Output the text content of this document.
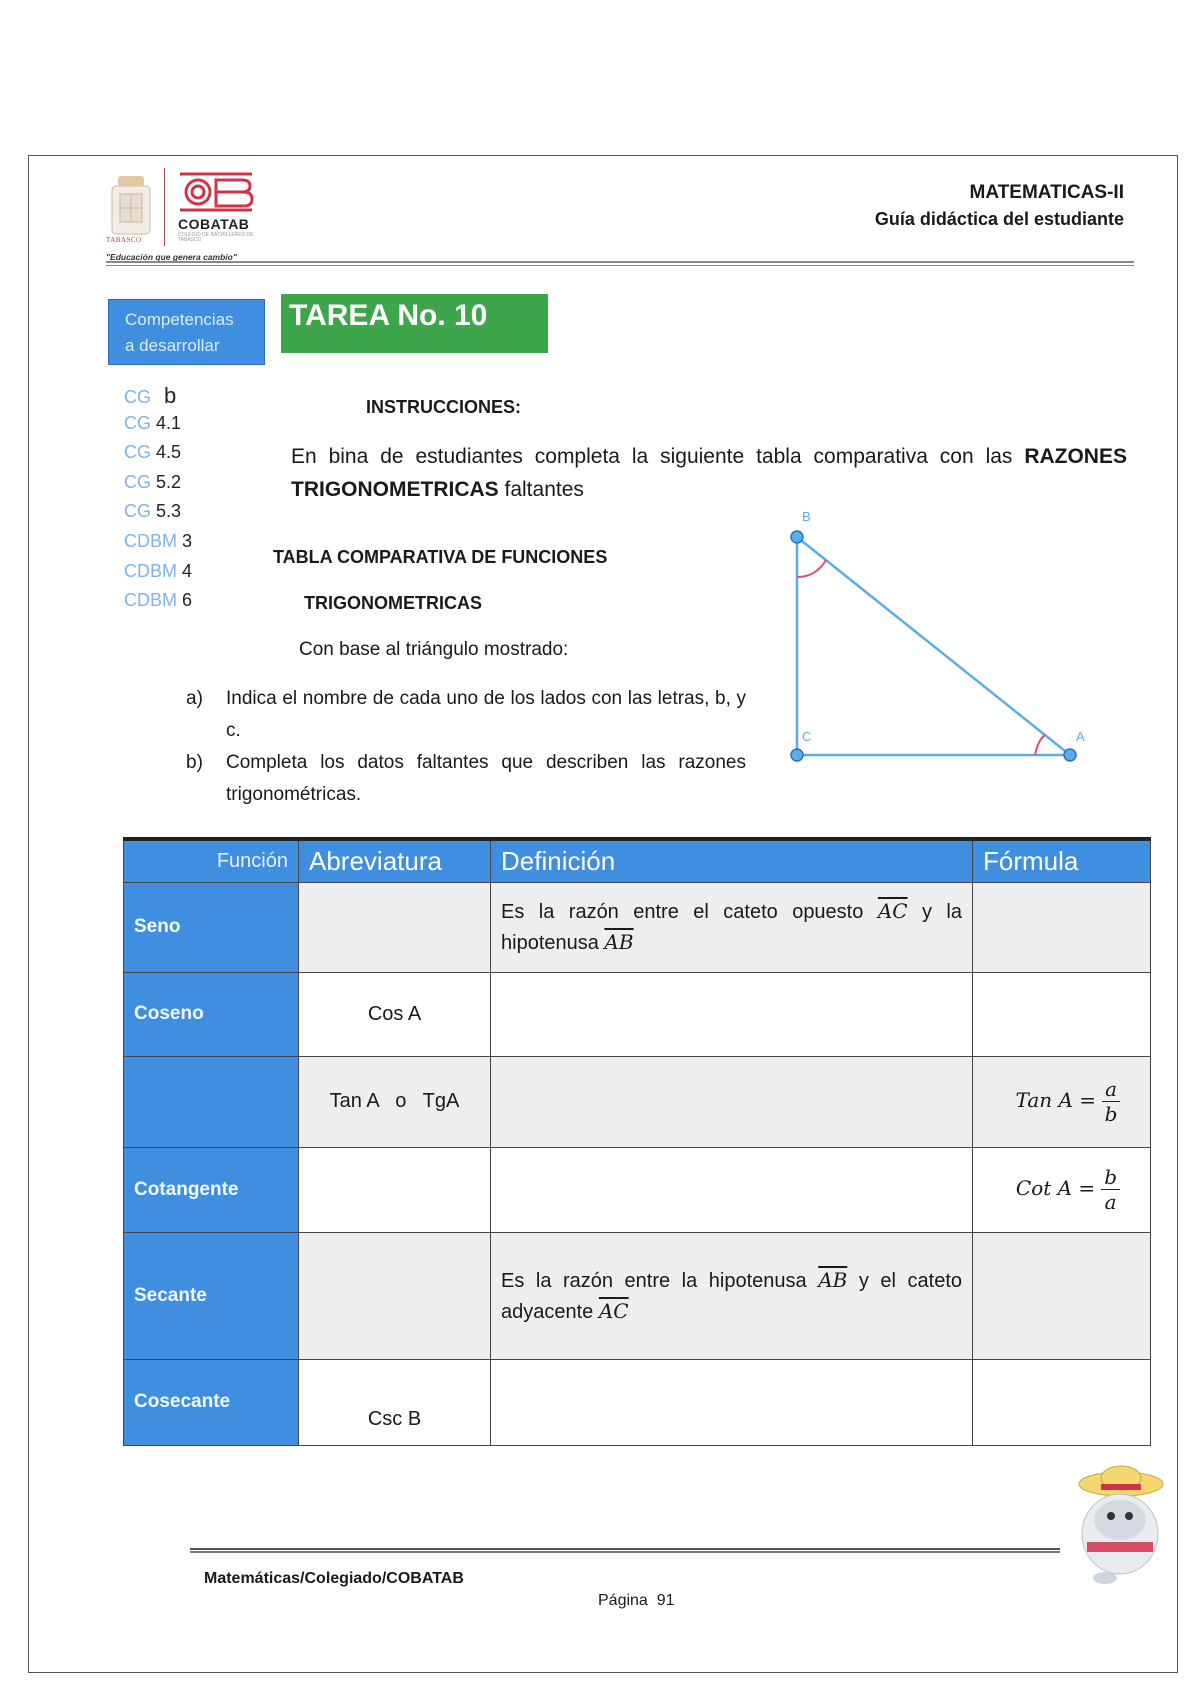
TABASCO
COBATAB
COLEGIO DE BACHILLERES DE TABASCO
"Educación que genera cambio"
MATEMATICAS-II
Guía didáctica del estudiante
Competencias
a desarrollar
TAREA No. 10
CG b
CG 4.1
CG 4.5
CG 5.2
CG 5.3
CDBM 3
CDBM 4
CDBM 6
INSTRUCCIONES:
En bina de estudiantes completa la siguiente tabla comparativa con las RAZONES TRIGONOMETRICAS faltantes
TABLA COMPARATIVA DE FUNCIONES
TRIGONOMETRICAS
Con base al triángulo mostrado:
a)	Indica el nombre de cada uno de los lados con las letras, b, y c.
b)	Completa los datos faltantes que describen las razones trigonométricas.
B
C	A
Función	Abreviatura	Definición	Fórmula
Seno		Es la razón entre el cateto opuesto $\overline{AC}$ y la hipotenusa $\overline{AB}$	
Coseno	Cos A		
	Tan A   o   TgA		Tan $A = \frac{a}{b}$

Cotangente			Cot $A = \frac{b}{a}$

Secante		Es la razón entre la hipotenusa $\overline{AB}$ y el cateto adyacente $\overline{AC}$	
Cosecante	Csc B		
Matemáticas/Colegiado/COBATAB
Página  91
